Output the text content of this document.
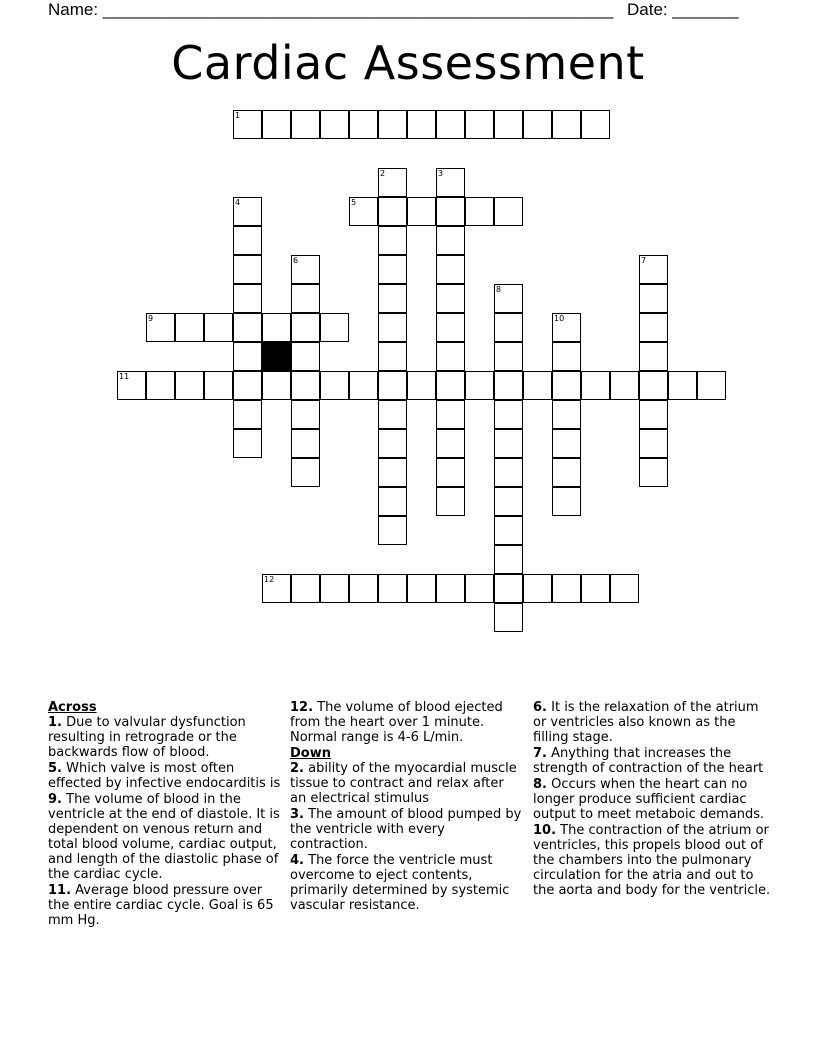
Name: ______________________________________________________ Date: _______
Cardiac Assessment
1
2	3
4	5
6	7
8
9	10
11
12

Across

1. Due to valvular dysfunction resulting in retrograde or the backwards flow of blood.

5. Which valve is most often effected by infective endocarditis is

9. The volume of blood in the ventricle at the end of diastole. It is dependent on venous return and total blood volume, cardiac output, and length of the diastolic phase of the cardiac cycle.

11. Average blood pressure over the entire cardiac cycle. Goal is 65 mm Hg.

12. The volume of blood ejected from the heart over 1 minute. Normal range is 4-6 L/min.

Down

2. ability of the myocardial muscle tissue to contract and relax after an electrical stimulus

3. The amount of blood pumped by the ventricle with every contraction.

4. The force the ventricle must overcome to eject contents, primarily determined by systemic vascular resistance.

6. It is the relaxation of the atrium or ventricles also known as the filling stage.

7. Anything that increases the strength of contraction of the heart

8. Occurs when the heart can no longer produce sufficient cardiac output to meet metaboic demands.

10. The contraction of the atrium or ventricles, this propels blood out of the chambers into the pulmonary circulation for the atria and out to the aorta and body for the ventricle.
